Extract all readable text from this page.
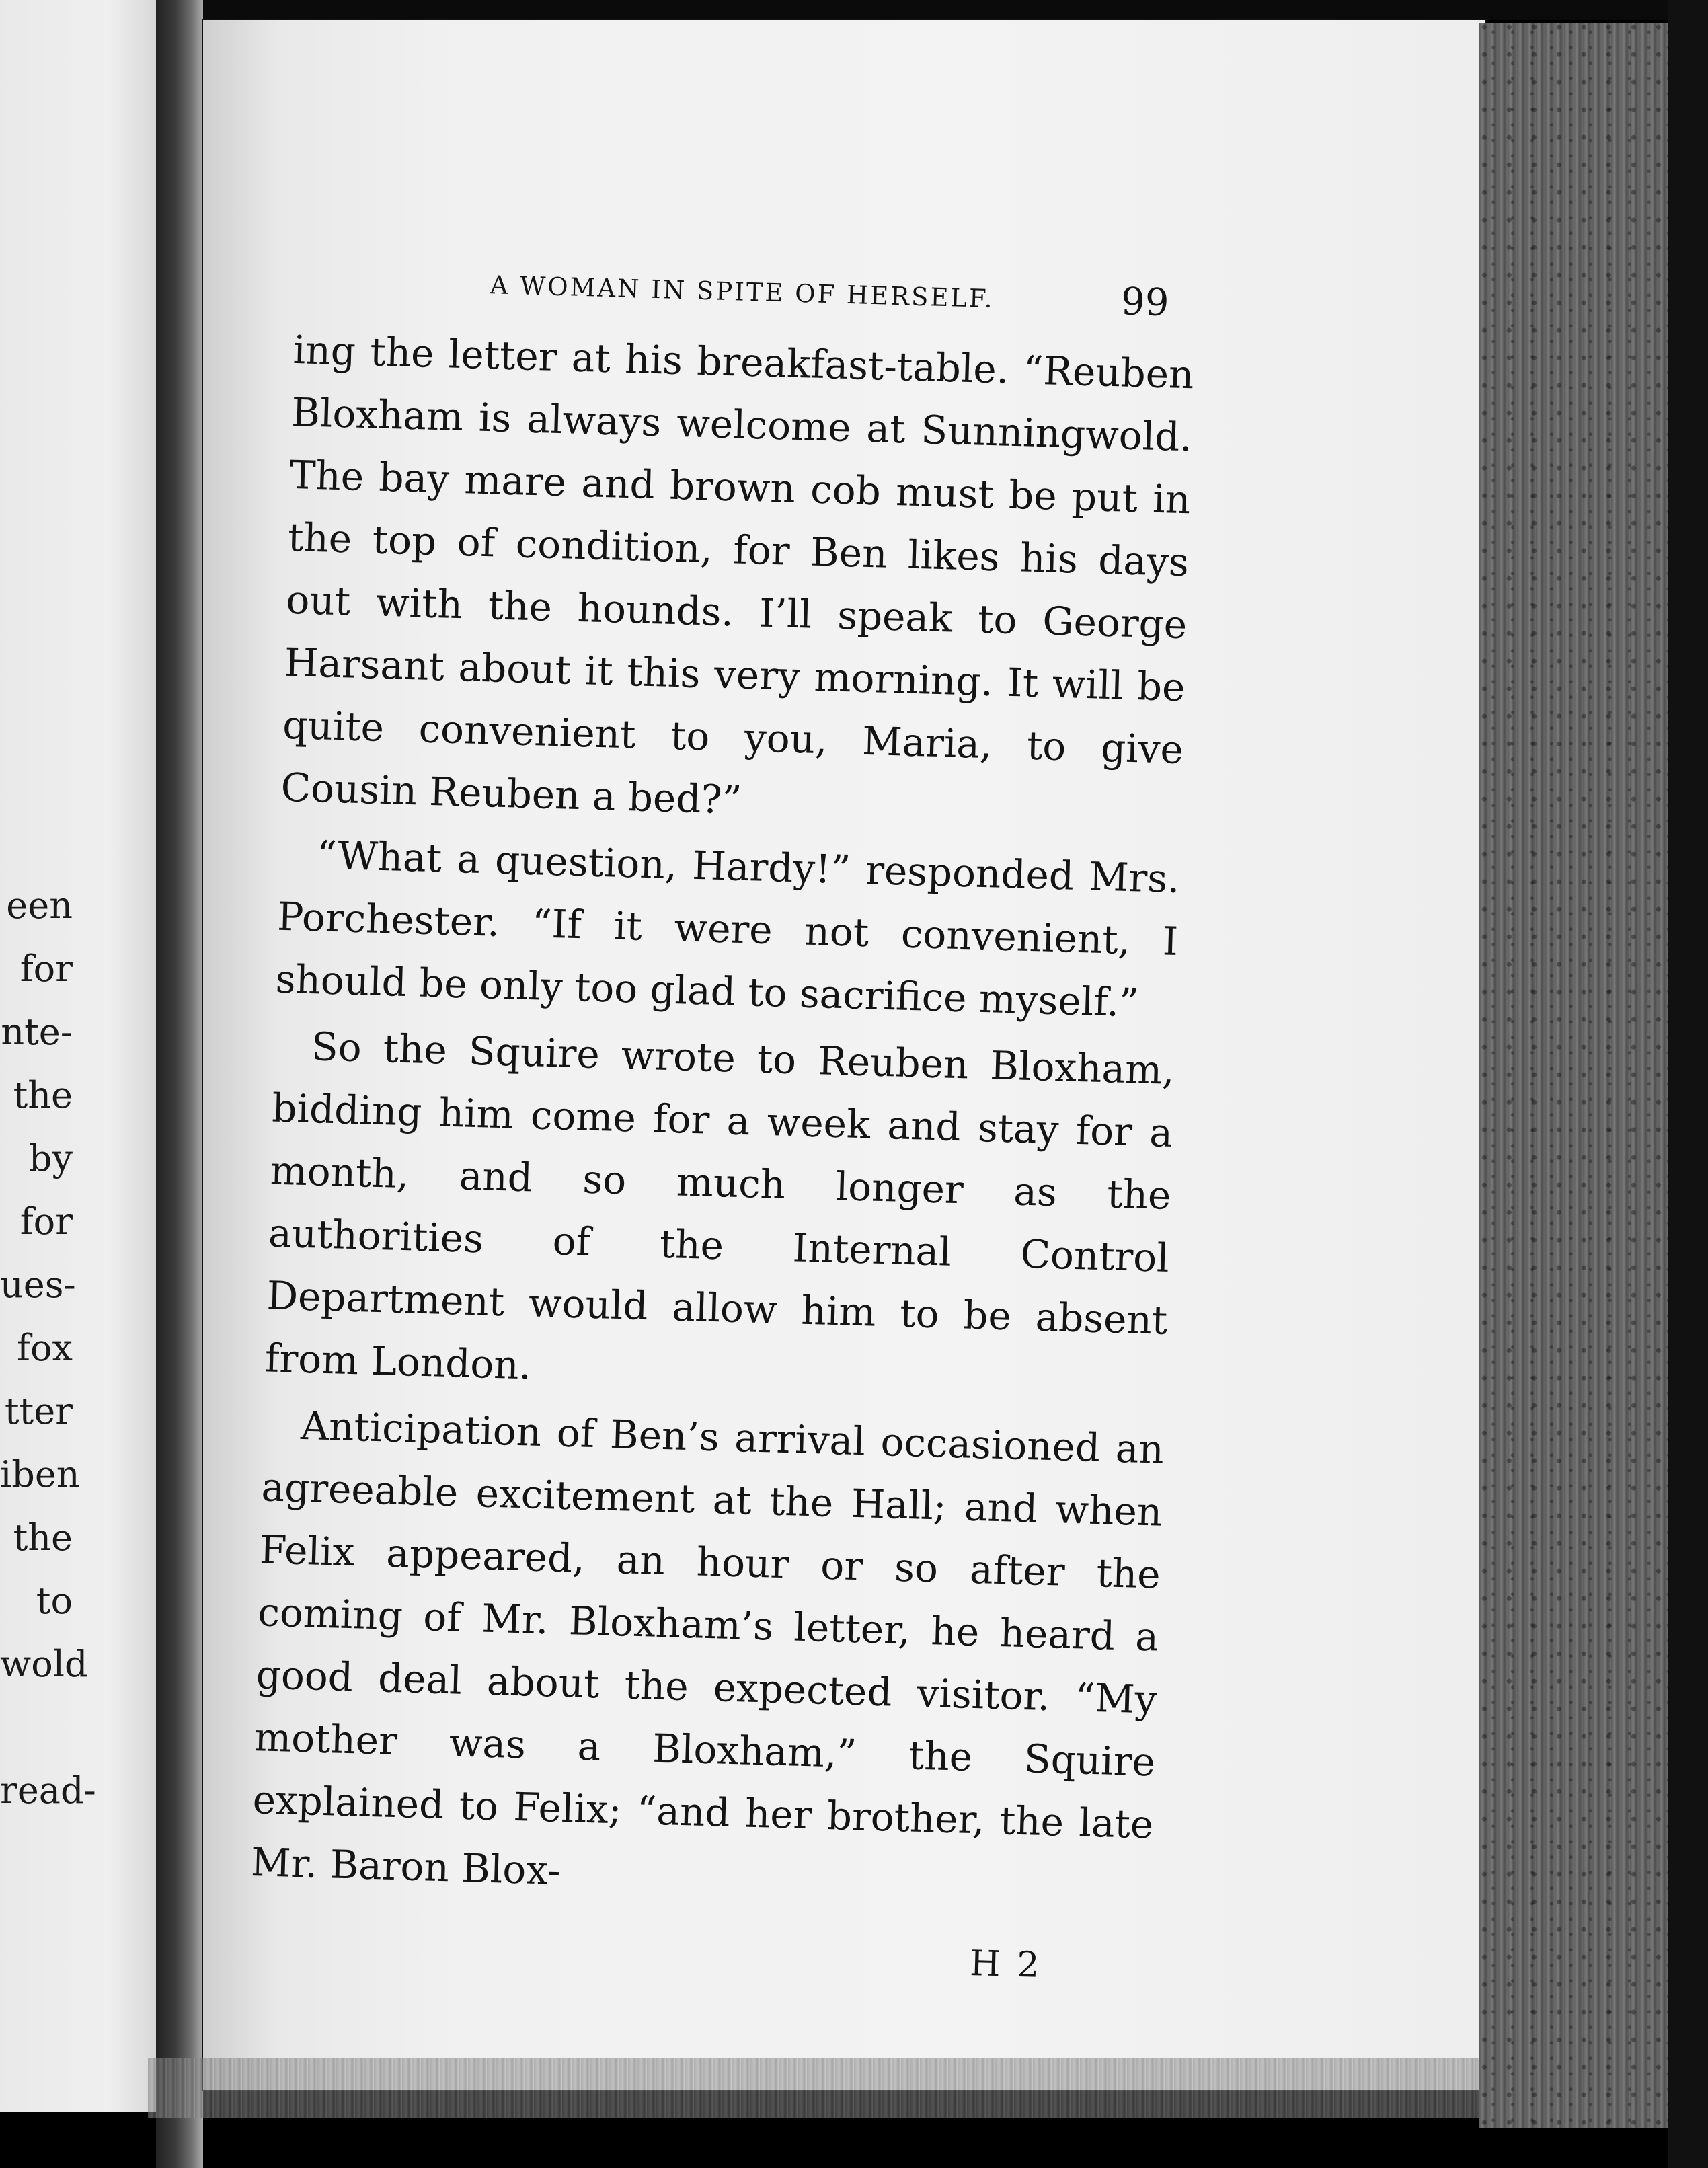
een
for
nte-
the
by
for
ues-
fox
tter
iben
the
to
wold
read-
A WOMAN IN SPITE OF HERSELF.	99

ing the letter at his breakfast-table. “Reuben Bloxham is always welcome at Sunningwold. The bay mare and brown cob must be put in the top of condition, for Ben likes his days out with the hounds. I’ll speak to George Harsant about it this very morning. It will be quite convenient to you, Maria, to give Cousin Reuben a bed?”

“What a question, Hardy!” responded Mrs. Porchester. “If it were not convenient, I should be only too glad to sacrifice myself.”

So the Squire wrote to Reuben Bloxham, bidding him come for a week and stay for a month, and so much longer as the authorities of the Internal Control Department would allow him to be absent from London.

Anticipation of Ben’s arrival occasioned an agreeable excitement at the Hall; and when Felix appeared, an hour or so after the coming of Mr. Bloxham’s letter, he heard a good deal about the expected visitor. “My mother was a Bloxham,” the Squire explained to Felix; “and her brother, the late Mr. Baron Blox-

H 2
